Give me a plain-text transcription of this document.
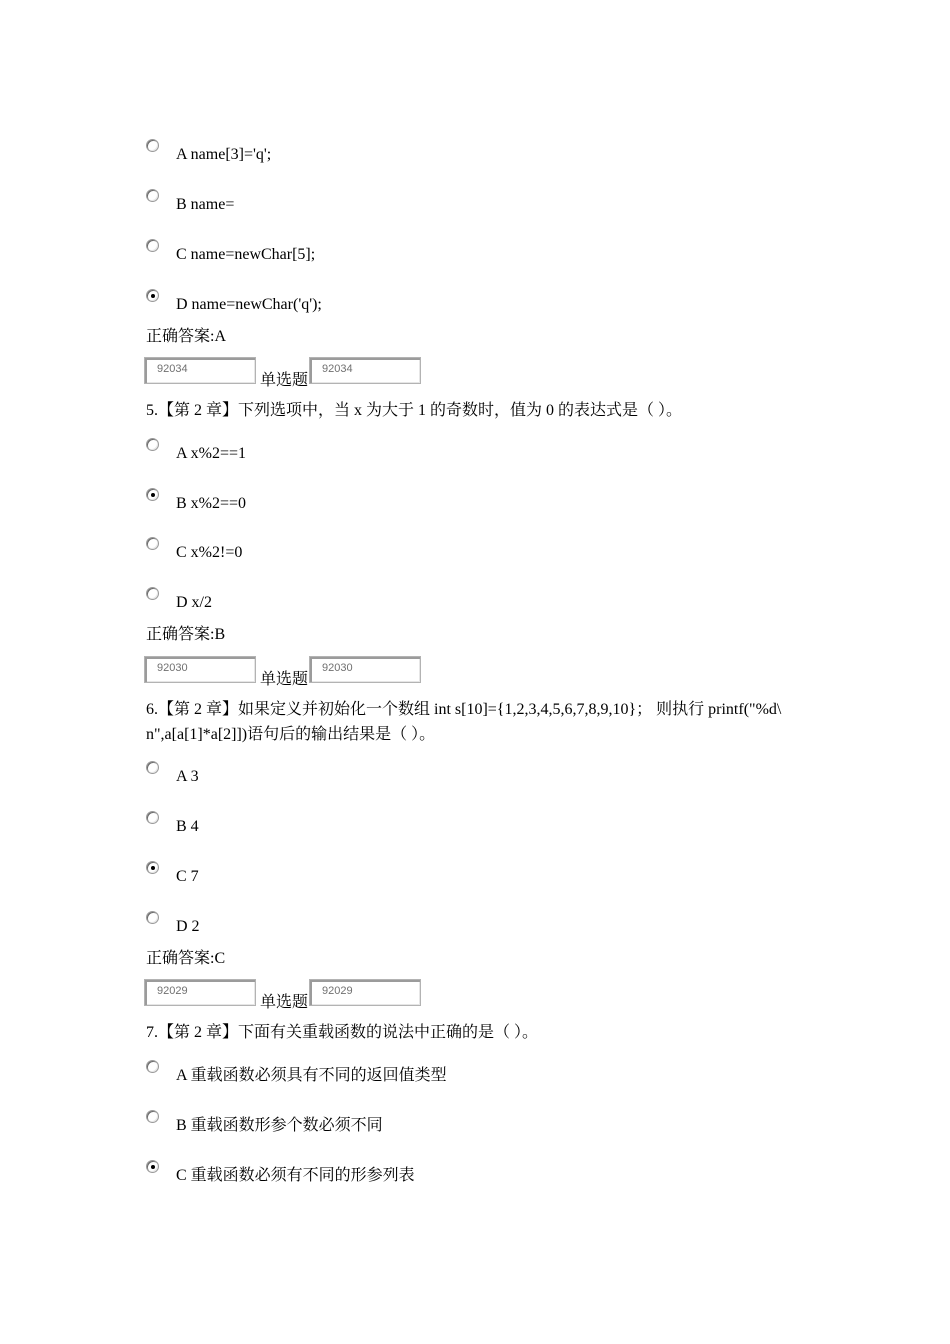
A name[3]='q';
B name=
C name=newChar[5];
D name=newChar('q');
正确答案:A
92034
单选题
92034
5.【第 2 章】下列选项中，当 x 为大于 1 的奇数时，值为 0 的表达式是（ ）。
A x%2==1
B x%2==0
C x%2!=0
D x/2
正确答案:B
92030
单选题
92030
6.【第 2 章】如果定义并初始化一个数组 int s[10]={1,2,3,4,5,6,7,8,9,10}； 则执行 printf("%d\
n",a[a[1]*a[2]])语句后的输出结果是（ ）。
A 3
B 4
C 7
D 2
正确答案:C
92029
单选题
92029
7.【第 2 章】下面有关重载函数的说法中正确的是（ ）。
A 重载函数必须具有不同的返回值类型
B 重载函数形参个数必须不同
C 重载函数必须有不同的形参列表
